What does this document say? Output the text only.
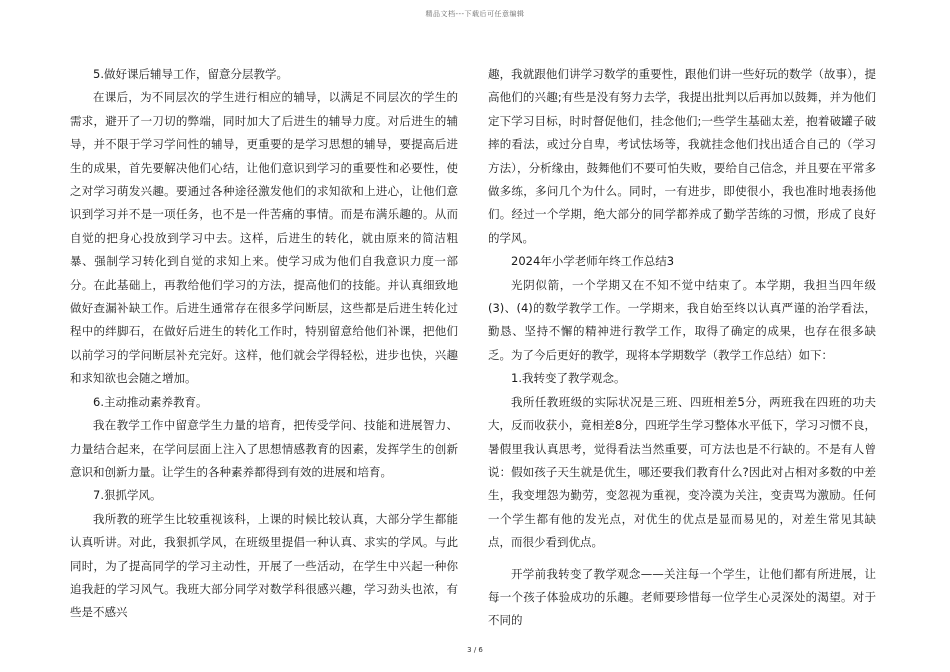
精品文档---下载后可任意编辑

5.做好课后辅导工作，留意分层教学。

在课后，为不同层次的学生进行相应的辅导，以满足不同层次的学生的需求，避开了一刀切的弊端，同时加大了后进生的辅导力度。对后进生的辅导，并不限于学习学问性的辅导，更重要的是学习思想的辅导，要提高后进生的成果，首先要解决他们心结，让他们意识到学习的重要性和必要性，使之对学习萌发兴趣。要通过各种途径激发他们的求知欲和上进心，让他们意识到学习并不是一项任务，也不是一件苦痛的事情。而是布满乐趣的。从而自觉的把身心投放到学习中去。这样，后进生的转化，就由原来的简洁粗暴、强制学习转化到自觉的求知上来。使学习成为他们自我意识力度一部分。在此基础上，再教给他们学习的方法，提高他们的技能。并认真细致地做好查漏补缺工作。后进生通常存在很多学问断层，这些都是后进生转化过程中的绊脚石，在做好后进生的转化工作时，特别留意给他们补课，把他们以前学习的学问断层补充完好。这样，他们就会学得轻松，进步也快，兴趣和求知欲也会随之增加。

6.主动推动素养教育。

我在教学工作中留意学生力量的培育，把传受学问、技能和进展智力、力量结合起来，在学问层面上注入了思想情感教育的因素，发挥学生的创新意识和创新力量。让学生的各种素养都得到有效的进展和培育。

7.狠抓学风。

我所教的班学生比较重视该科，上课的时候比较认真，大部分学生都能认真听讲。对此，我狠抓学风，在班级里提倡一种认真、求实的学风。与此同时，为了提高同学的学习主动性，开展了一些活动，在学生中兴起一种你追我赶的学习风气。我班大部分同学对数学科很感兴趣，学习劲头也浓，有些是不感兴

趣，我就跟他们讲学习数学的重要性，跟他们讲一些好玩的数学（故事），提高他们的兴趣;有些是没有努力去学，我提出批判以后再加以鼓舞，并为他们定下学习目标，时时督促他们，挂念他们;一些学生基础太差，抱着破罐子破摔的看法，或过分自卑，考试怯场等，我就挂念他们找出适合自己的（学习方法），分析缘由，鼓舞他们不要可怕失败，要给自己信念，并且要在平常多做多练，多问几个为什么。同时，一有进步，即使很小，我也准时地表扬他们。经过一个学期，绝大部分的同学都养成了勤学苦练的习惯，形成了良好的学风。

2024年小学老师年终工作总结3

光阴似箭，一个学期又在不知不觉中结束了。本学期，我担当四年级(3)、(4)的数学教学工作。一学期来，我自始至终以认真严谨的治学看法，勤恳、坚持不懈的精神进行教学工作，取得了确定的成果，也存在很多缺乏。为了今后更好的教学，现将本学期数学（教学工作总结）如下：

1.我转变了教学观念。

我所任教班级的实际状况是三班、四班相差5分，两班我在四班的功夫大，反而收获小，竟相差8分，四班学生学习整体水平低下，学习习惯不良，暑假里我认真思考，觉得看法当然重要，可方法也是不行缺的。不是有人曾说：假如孩子天生就是优生，哪还要我们教育什么?因此对占相对多数的中差生，我变埋怨为勤劳，变忽视为重视，变冷漠为关注，变责骂为激励。任何一个学生都有他的发光点，对优生的优点是显而易见的，对差生常见其缺点，而很少看到优点。

开学前我转变了教学观念——关注每一个学生，让他们都有所进展，让每一个孩子体验成功的乐趣。老师要珍惜每一位学生心灵深处的渴望。对于不同的

3 / 6
